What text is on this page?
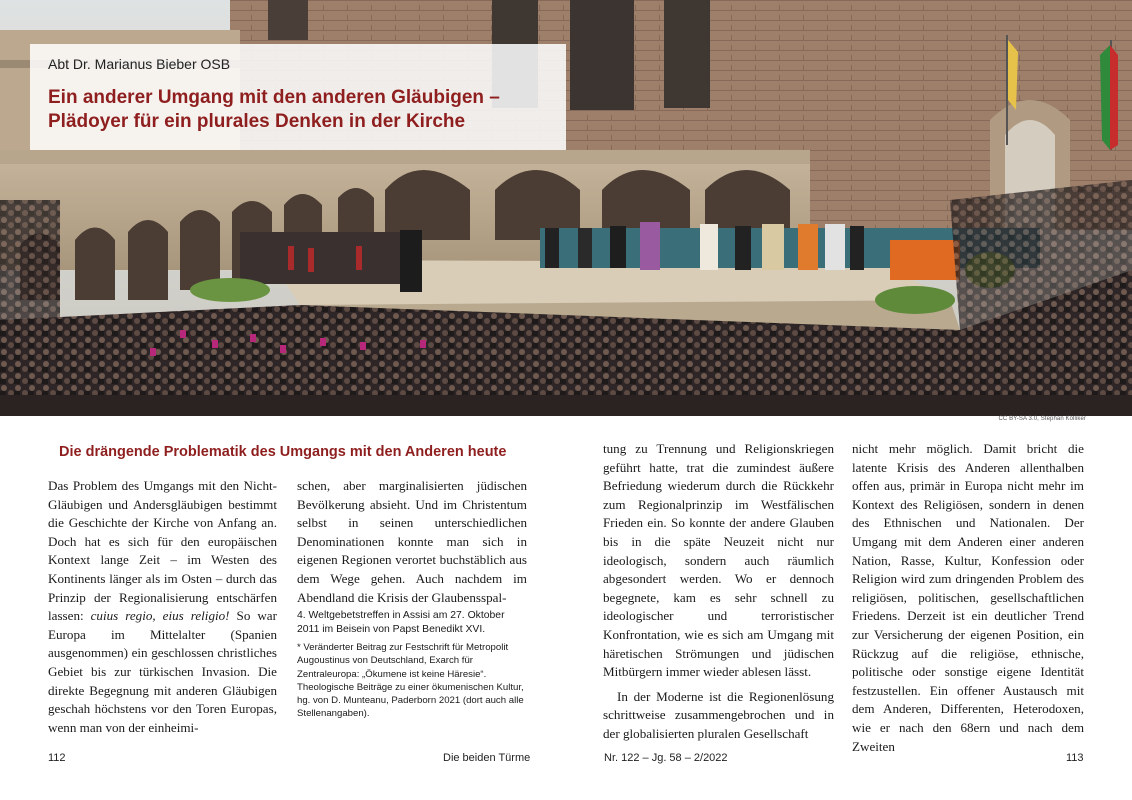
CC BY-SA 3.0, Stephan Kölliker
Abt Dr. Marianus Bieber OSB
Ein anderer Umgang mit den anderen Gläubigen –
Plädoyer für ein plurales Denken in der Kirche
Die drängende Problematik des Umgangs mit den Anderen heute

Das Problem des Umgangs mit den Nicht-Gläubigen und Andersgläubigen bestimmt die Geschichte der Kirche von Anfang an. Doch hat es sich für den europäischen Kontext lange Zeit – im Westen des Kontinents länger als im Osten – durch das Prinzip der Regionalisierung entschärfen lassen: cuius regio, eius religio! So war Europa im Mittelalter (Spanien ausgenommen) ein geschlossen christliches Gebiet bis zur türkischen Invasion. Die direkte Begegnung mit anderen Gläubigen geschah höchstens vor den Toren Europas, wenn man von der einheimi-

schen, aber marginalisierten jüdischen Bevölkerung absieht. Und im Christentum selbst in seinen unterschiedlichen Denominationen konnte man sich in eigenen Regionen verortet buchstäblich aus dem Wege gehen. Auch nachdem im Abendland die Krisis der Glaubensspal-

4. Weltgebetstreffen in Assisi am 27. Oktober 2011 im Beisein von Papst Benedikt XVI.
* Veränderter Beitrag zur Festschrift für Metropolit Augoustinus von Deutschland, Exarch für Zentraleuropa: „Ökumene ist keine Häresie“. Theologische Beiträge zu einer ökumenischen Kultur, hg. von D. Munteanu, Paderborn 2021 (dort auch alle Stellenangaben).

tung zu Trennung und Religionskriegen geführt hatte, trat die zumindest äußere Befriedung wiederum durch die Rückkehr zum Regionalprinzip im Westfälischen Frieden ein. So konnte der andere Glauben bis in die späte Neuzeit nicht nur ideologisch, sondern auch räumlich abgesondert werden. Wo er dennoch begegnete, kam es sehr schnell zu ideologischer und terroristischer Konfrontation, wie es sich am Umgang mit häretischen Strömungen und jüdischen Mitbürgern immer wieder ablesen lässt.

In der Moderne ist die Regionenlösung schrittweise zusammengebrochen und in der globalisierten pluralen Gesellschaft

nicht mehr möglich. Damit bricht die latente Krisis des Anderen allenthalben offen aus, primär in Europa nicht mehr im Kontext des Religiösen, sondern in denen des Ethnischen und Nationalen. Der Umgang mit dem Anderen einer anderen Nation, Rasse, Kultur, Konfession oder Religion wird zum dringenden Problem des religiösen, politischen, gesellschaftlichen Friedens. Derzeit ist ein deutlicher Trend zur Versicherung der eigenen Position, ein Rückzug auf die religiöse, ethnische, politische oder sonstige eigene Identität festzustellen. Ein offener Austausch mit dem Anderen, Differenten, Heterodoxen, wie er nach den 68ern und nach dem Zweiten

112	Die beiden Türme	Nr. 122 – Jg. 58 – 2/2022	113
